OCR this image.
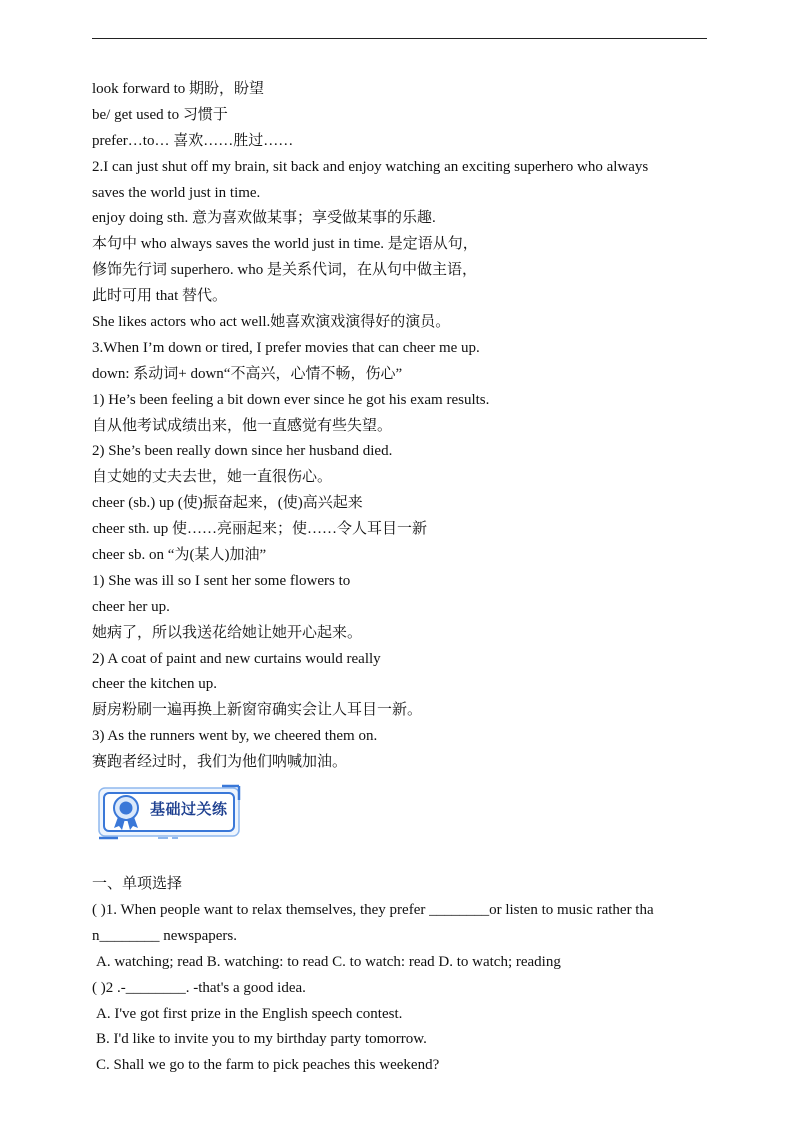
look forward to 期盼，盼望
be/ get used to 习惯于
prefer…to… 喜欢……胜过……
2.I can just shut off my brain, sit back and enjoy watching an exciting superhero who always
saves the world just in time.
enjoy doing sth. 意为喜欢做某事；享受做某事的乐趣.
本句中 who always saves the world just in time. 是定语从句，
修饰先行词 superhero. who 是关系代词，在从句中做主语，
此时可用 that 替代。
She likes actors who act well.她喜欢演戏演得好的演员。
3.When I’m down or tired, I prefer movies that can cheer me up.
down: 系动词+ down“不高兴，心情不畅，伤心”
1) He’s been feeling a bit down ever since he got his exam results.
自从他考试成绩出来，他一直感觉有些失望。
2) She’s been really down since her husband died.
自丈她的丈夫去世，她一直很伤心。
cheer (sb.) up (使)振奋起来，(使)高兴起来
cheer sth. up 使……亮丽起来；使……令人耳目一新
cheer sb. on “为(某人)加油”
1) She was ill so I sent her some flowers to
cheer her up.
她病了，所以我送花给她让她开心起来。
2) A coat of paint and new curtains would really
cheer the kitchen up.
厨房粉刷一遍再换上新窗帘确实会让人耳目一新。
3) As the runners went by, we cheered them on.
赛跑者经过时，我们为他们呐喊加油。
基础过关练
一、单项选择
( )1. When people want to relax themselves, they prefer ________or listen to music rather tha
n________ newspapers.
A. watching; read B. watching: to read C. to watch: read D. to watch; reading
( )2 .-________. -that's a good idea.
A. I've got first prize in the English speech contest.
B. I'd like to invite you to my birthday party tomorrow.
C. Shall we go to the farm to pick peaches this weekend?
